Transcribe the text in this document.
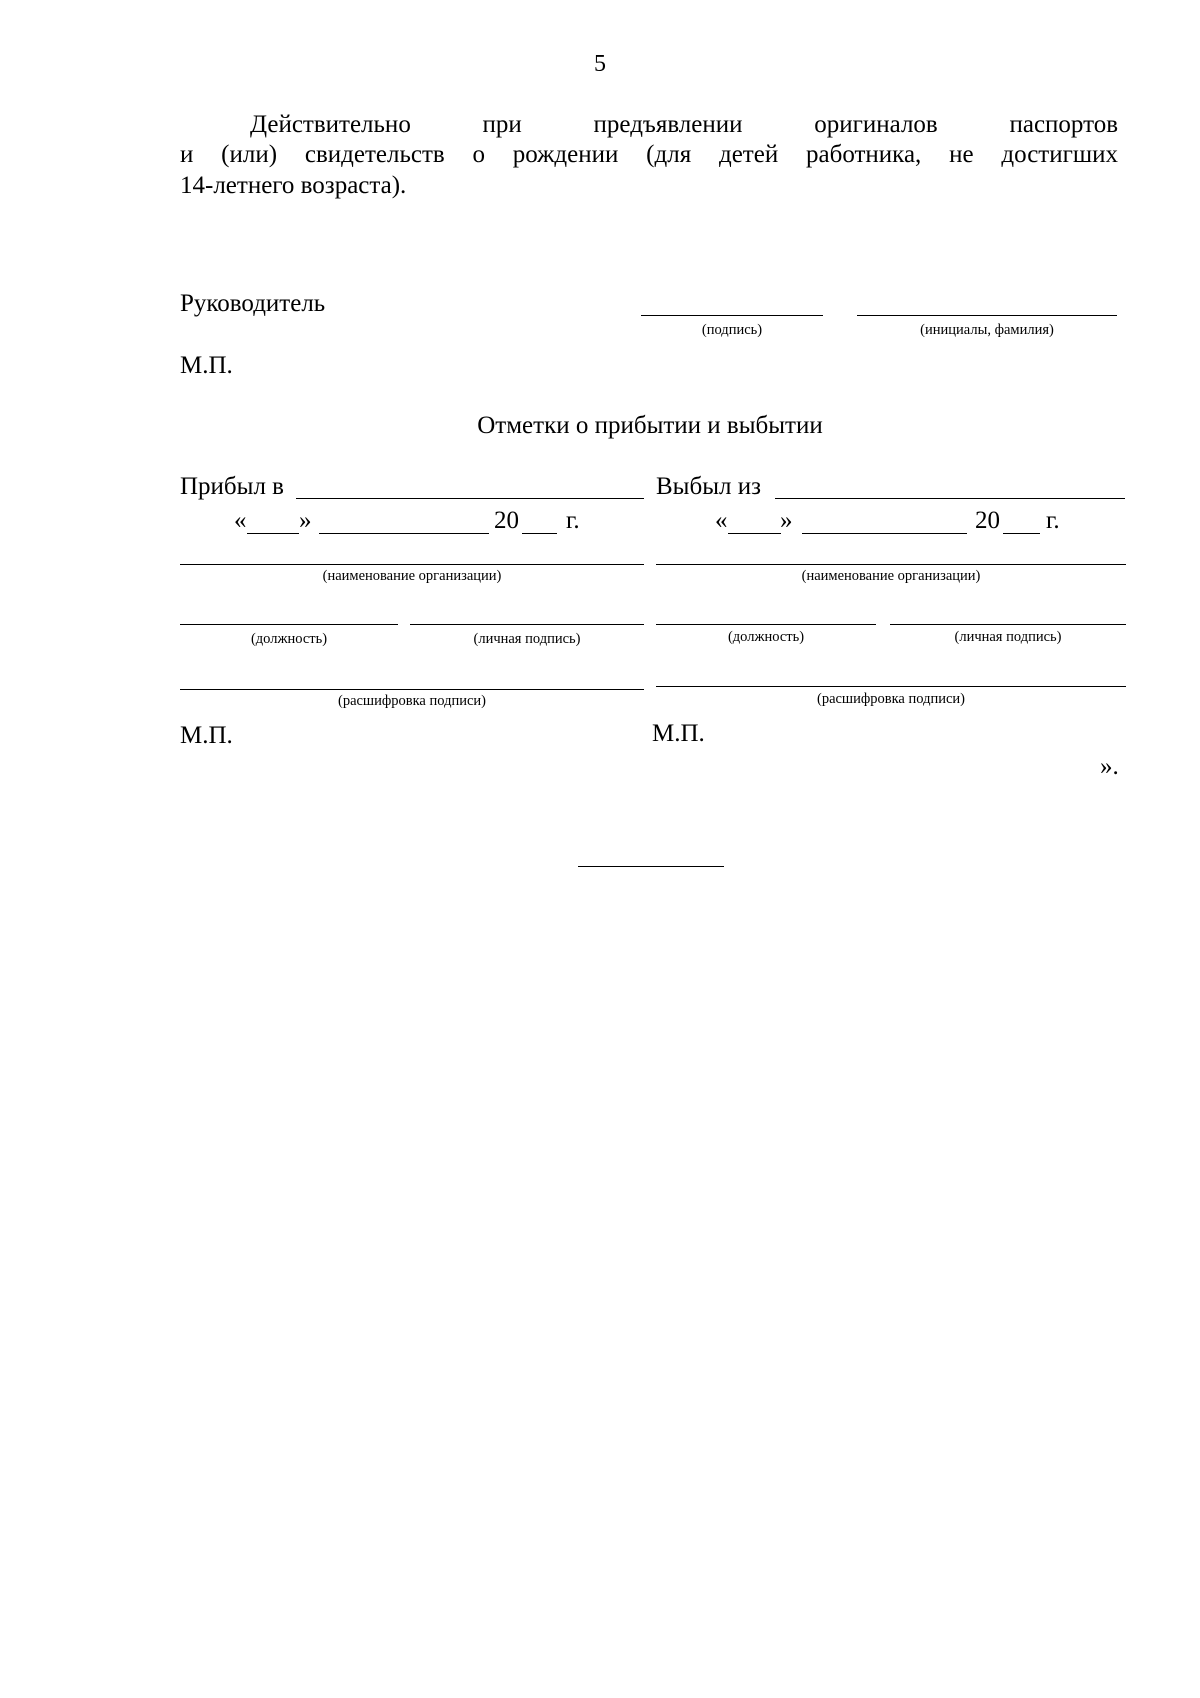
5
Действительно при предъявлении оригиналов паспортов
и (или) свидетельств о рождении (для детей работника, не достигших
14-летнего возраста).
Руководитель
(подпись)	(инициалы, фамилия)
М.П.
Отметки о прибытии и выбытии
Прибыл в
« »	20 г.
(наименование организации)
(должность)	(личная подпись)
(расшифровка подписи)
М.П.
Выбыл из
« »	20 г.
(наименование организации)
(должность)	(личная подпись)
(расшифровка подписи)
М.П.
».
